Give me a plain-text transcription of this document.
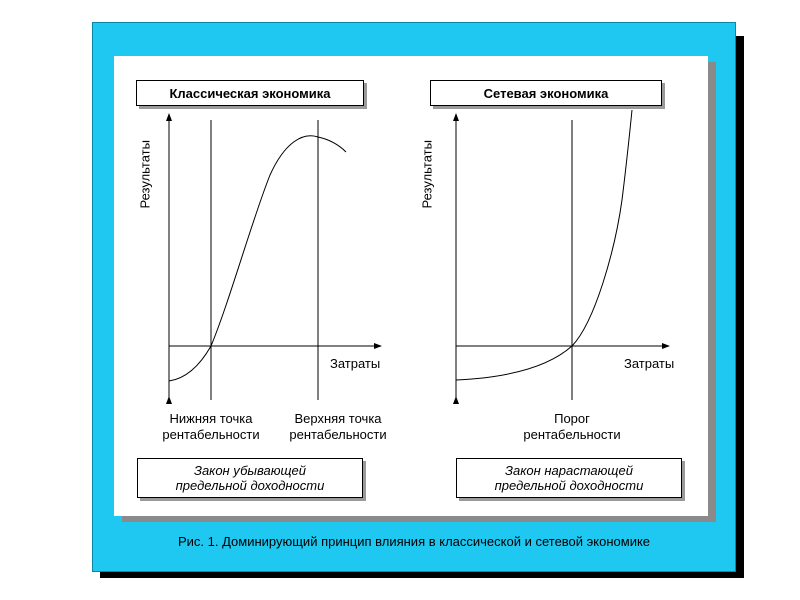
Классическая экономика	Сетевая экономика
Результаты
Затраты
Результаты
Затраты
Нижняя точка
рентабельности
Верхняя точка
рентабельности
Порог
рентабельности
Закон убывающей
предельной доходности
Закон нарастающей
предельной доходности
Рис. 1. Доминирующий принцип влияния в классической и сетевой экономике
